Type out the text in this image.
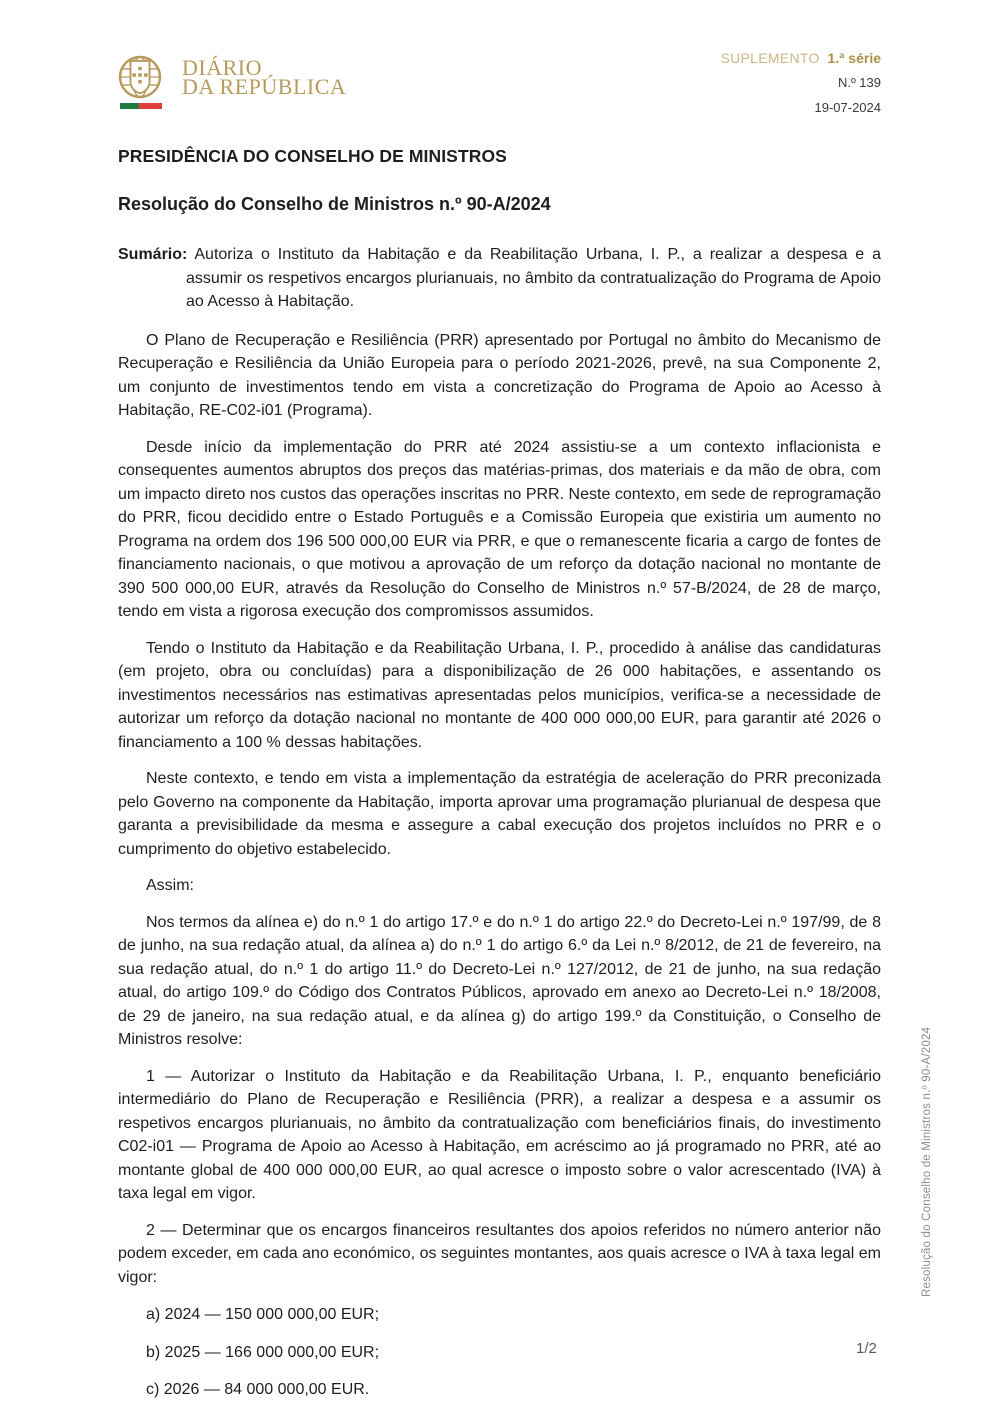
DIÁRIO
DA REPÚBLICA
SUPLEMENTO 1.ª série
N.º 139
19-07-2024
PRESIDÊNCIA DO CONSELHO DE MINISTROS
Resolução do Conselho de Ministros n.º 90-A/2024
Sumário: Autoriza o Instituto da Habitação e da Reabilitação Urbana, I. P., a realizar a despesa e a assumir os respetivos encargos plurianuais, no âmbito da contratualização do Programa de Apoio ao Acesso à Habitação.

O Plano de Recuperação e Resiliência (PRR) apresentado por Portugal no âmbito do Mecanismo de Recuperação e Resiliência da União Europeia para o período 2021-2026, prevê, na sua Componente 2, um conjunto de investimentos tendo em vista a concretização do Programa de Apoio ao Acesso à Habitação, RE-C02-i01 (Programa).

Desde início da implementação do PRR até 2024 assistiu-se a um contexto inflacionista e consequentes aumentos abruptos dos preços das matérias-primas, dos materiais e da mão de obra, com um impacto direto nos custos das operações inscritas no PRR. Neste contexto, em sede de reprogramação do PRR, ficou decidido entre o Estado Português e a Comissão Europeia que existiria um aumento no Programa na ordem dos 196 500 000,00 EUR via PRR, e que o remanescente ficaria a cargo de fontes de financiamento nacionais, o que motivou a aprovação de um reforço da dotação nacional no montante de 390 500 000,00 EUR, através da Resolução do Conselho de Ministros n.º 57-B/2024, de 28 de março, tendo em vista a rigorosa execução dos compromissos assumidos.

Tendo o Instituto da Habitação e da Reabilitação Urbana, I. P., procedido à análise das candidaturas (em projeto, obra ou concluídas) para a disponibilização de 26 000 habitações, e assentando os investimentos necessários nas estimativas apresentadas pelos municípios, verifica-se a necessidade de autorizar um reforço da dotação nacional no montante de 400 000 000,00 EUR, para garantir até 2026 o financiamento a 100 % dessas habitações.

Neste contexto, e tendo em vista a implementação da estratégia de aceleração do PRR preconizada pelo Governo na componente da Habitação, importa aprovar uma programação plurianual de despesa que garanta a previsibilidade da mesma e assegure a cabal execução dos projetos incluídos no PRR e o cumprimento do objetivo estabelecido.

Assim:

Nos termos da alínea e) do n.º 1 do artigo 17.º e do n.º 1 do artigo 22.º do Decreto-Lei n.º 197/99, de 8 de junho, na sua redação atual, da alínea a) do n.º 1 do artigo 6.º da Lei n.º 8/2012, de 21 de fevereiro, na sua redação atual, do n.º 1 do artigo 11.º do Decreto-Lei n.º 127/2012, de 21 de junho, na sua redação atual, do artigo 109.º do Código dos Contratos Públicos, aprovado em anexo ao Decreto-Lei n.º 18/2008, de 29 de janeiro, na sua redação atual, e da alínea g) do artigo 199.º da Constituição, o Conselho de Ministros resolve:

1 — Autorizar o Instituto da Habitação e da Reabilitação Urbana, I. P., enquanto beneficiário intermediário do Plano de Recuperação e Resiliência (PRR), a realizar a despesa e a assumir os respetivos encargos plurianuais, no âmbito da contratualização com beneficiários finais, do investimento C02-i01 — Programa de Apoio ao Acesso à Habitação, em acréscimo ao já programado no PRR, até ao montante global de 400 000 000,00 EUR, ao qual acresce o imposto sobre o valor acrescentado (IVA) à taxa legal em vigor.

2 — Determinar que os encargos financeiros resultantes dos apoios referidos no número anterior não podem exceder, em cada ano económico, os seguintes montantes, aos quais acresce o IVA à taxa legal em vigor:

a) 2024 — 150 000 000,00 EUR;

b) 2025 — 166 000 000,00 EUR;

c) 2026 — 84 000 000,00 EUR.

Resolução do Conselho de Ministros n.º 90-A/2024
1/2
